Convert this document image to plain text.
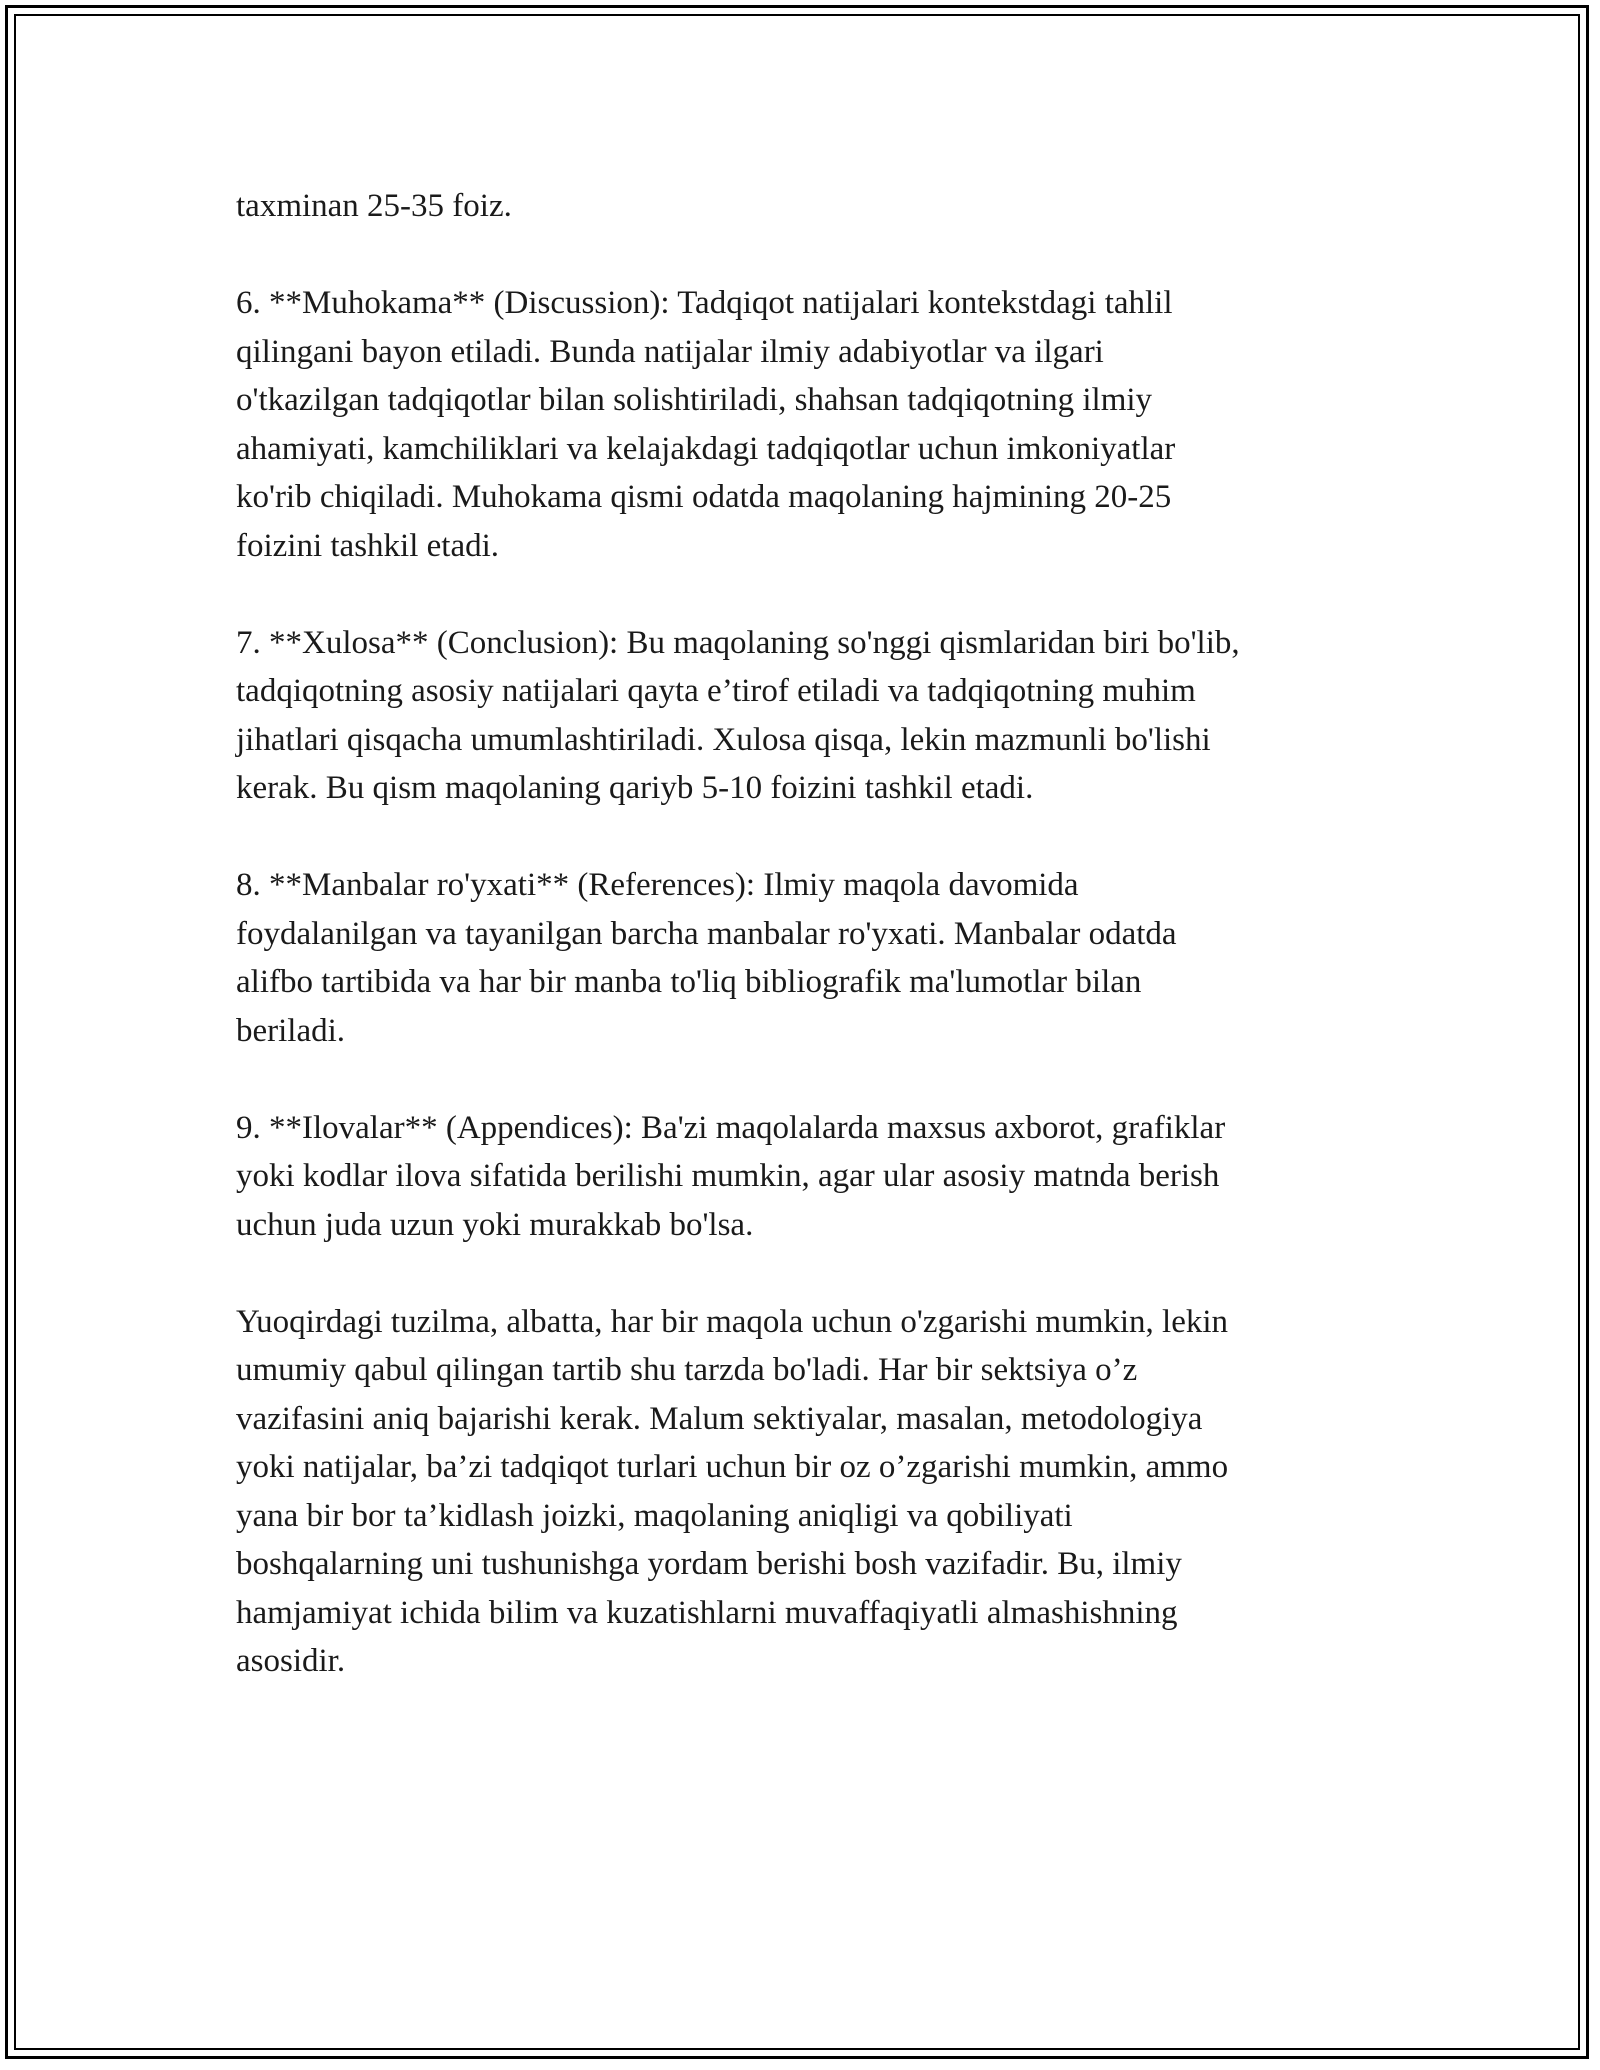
taxminan 25-35 foiz.

6. **Muhokama** (Discussion): Tadqiqot natijalari kontekstdagi tahlil
qilingani bayon etiladi. Bunda natijalar ilmiy adabiyotlar va ilgari
o'tkazilgan tadqiqotlar bilan solishtiriladi, shahsan tadqiqotning ilmiy
ahamiyati, kamchiliklari va kelajakdagi tadqiqotlar uchun imkoniyatlar
ko'rib chiqiladi. Muhokama qismi odatda maqolaning hajmining 20-25
foizini tashkil etadi.

7. **Xulosa** (Conclusion): Bu maqolaning so'nggi qismlaridan biri bo'lib,
tadqiqotning asosiy natijalari qayta e’tirof etiladi va tadqiqotning muhim
jihatlari qisqacha umumlashtiriladi. Xulosa qisqa, lekin mazmunli bo'lishi
kerak. Bu qism maqolaning qariyb 5-10 foizini tashkil etadi.

8. **Manbalar ro'yxati** (References): Ilmiy maqola davomida
foydalanilgan va tayanilgan barcha manbalar ro'yxati. Manbalar odatda
alifbo tartibida va har bir manba to'liq bibliografik ma'lumotlar bilan
beriladi.

9. **Ilovalar** (Appendices): Ba'zi maqolalarda maxsus axborot, grafiklar
yoki kodlar ilova sifatida berilishi mumkin, agar ular asosiy matnda berish
uchun juda uzun yoki murakkab bo'lsa.

Yuoqirdagi tuzilma, albatta, har bir maqola uchun o'zgarishi mumkin, lekin
umumiy qabul qilingan tartib shu tarzda bo'ladi. Har bir sektsiya o’z
vazifasini aniq bajarishi kerak. Malum sektiyalar, masalan, metodologiya
yoki natijalar, ba’zi tadqiqot turlari uchun bir oz o’zgarishi mumkin, ammo
yana bir bor ta’kidlash joizki, maqolaning aniqligi va qobiliyati
boshqalarning uni tushunishga yordam berishi bosh vazifadir. Bu, ilmiy
hamjamiyat ichida bilim va kuzatishlarni muvaffaqiyatli almashishning
asosidir.
